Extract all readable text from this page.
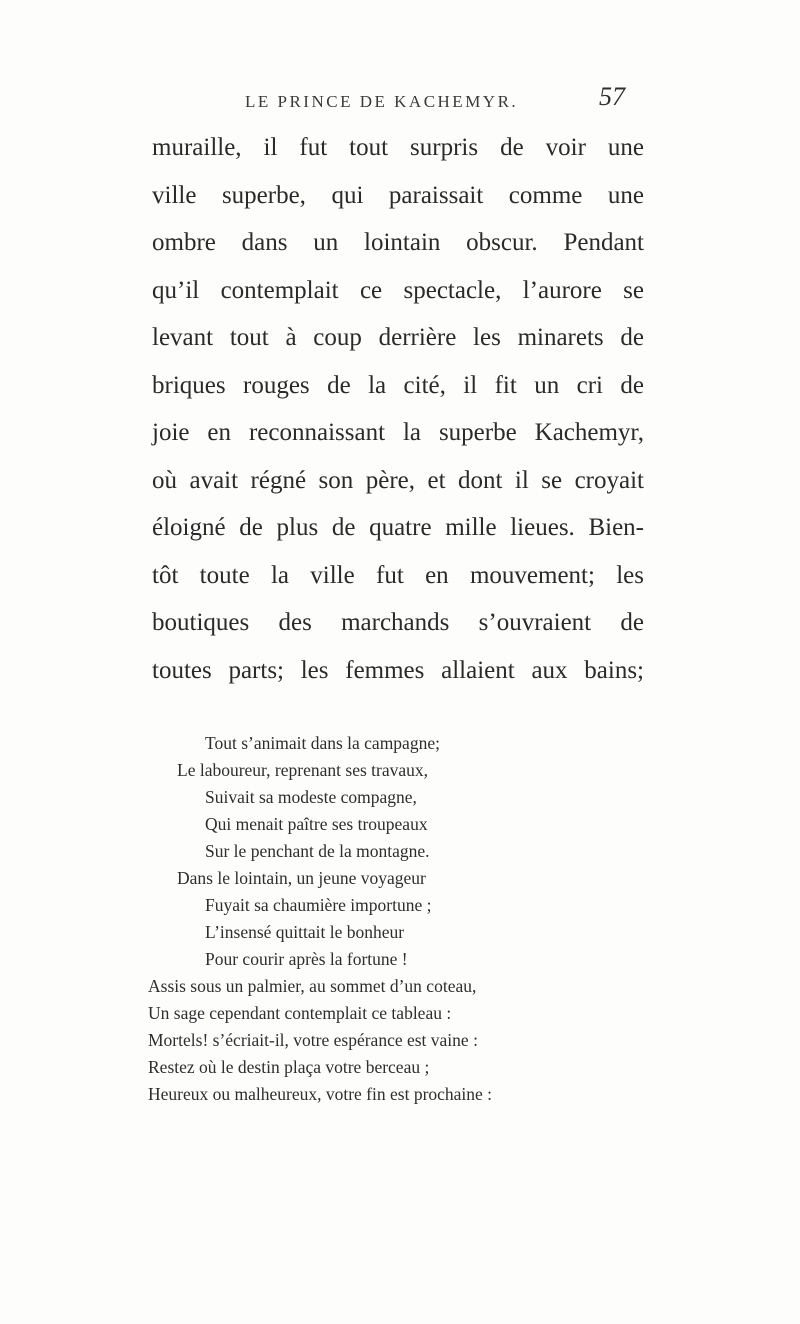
LE PRINCE DE KACHEMYR.	57
muraille, il fut tout surpris de voir une
ville superbe, qui paraissait comme une
ombre dans un lointain obscur. Pendant
qu’il contemplait ce spectacle, l’aurore se
levant tout à coup derrière les minarets de
briques rouges de la cité, il fit un cri de
joie en reconnaissant la superbe Kachemyr,
où avait régné son père, et dont il se croyait
éloigné de plus de quatre mille lieues. Bien-
tôt toute la ville fut en mouvement; les
boutiques des marchands s’ouvraient de
toutes parts; les femmes allaient aux bains;
Tout s’animait dans la campagne;
Le laboureur, reprenant ses travaux,
Suivait sa modeste compagne,
Qui menait paître ses troupeaux
Sur le penchant de la montagne.
Dans le lointain, un jeune voyageur
Fuyait sa chaumière importune ;
L’insensé quittait le bonheur
Pour courir après la fortune !
Assis sous un palmier, au sommet d’un coteau,
Un sage cependant contemplait ce tableau :
Mortels! s’écriait-il, votre espérance est vaine :
Restez où le destin plaça votre berceau ;
Heureux ou malheureux, votre fin est prochaine :
